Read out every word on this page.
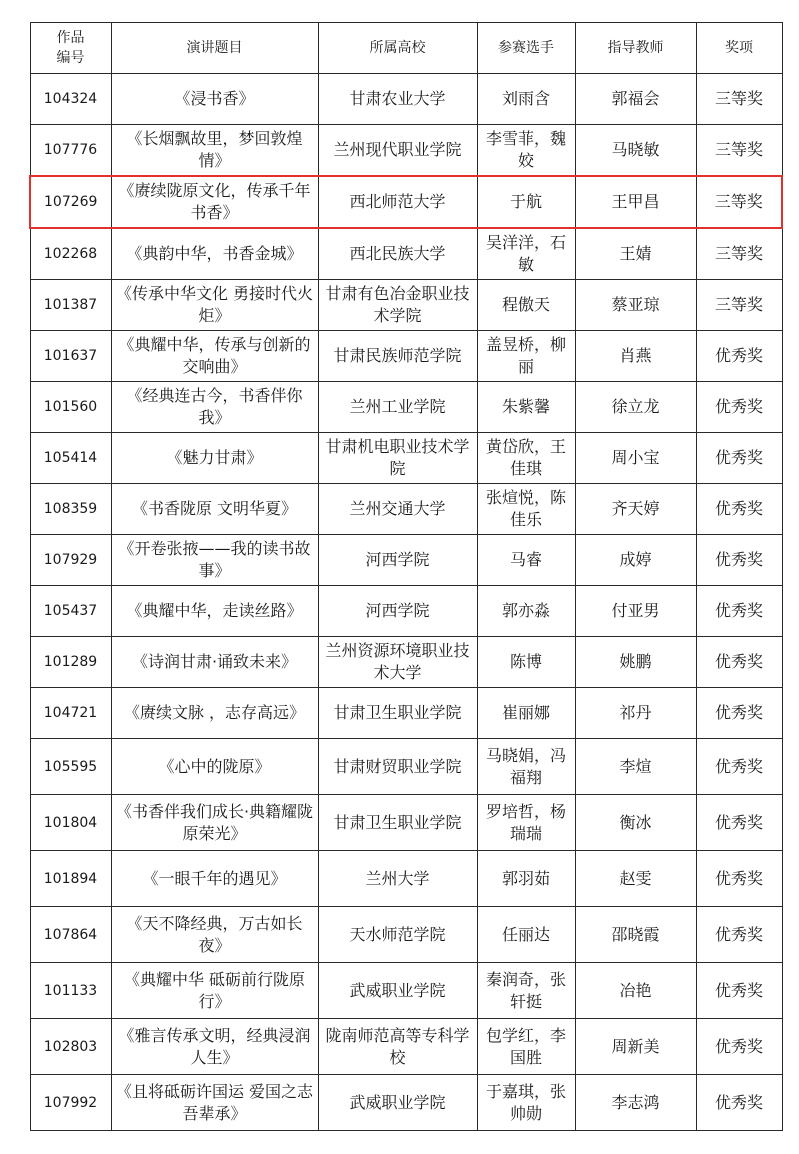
作品
编号	演讲题目	所属高校	参赛选手	指导教师	奖项
104324	《浸书香》	甘肃农业大学	刘雨含	郭福会	三等奖
107776	《长烟飘故里，梦回敦煌情》	兰州现代职业学院	李雪菲，魏姣	马晓敏	三等奖
107269	《赓续陇原文化，传承千年书香》	西北师范大学	于航	王甲昌	三等奖
102268	《典韵中华，书香金城》	西北民族大学	吴洋洋，石敏	王婧	三等奖
101387	《传承中华文化 勇接时代火炬》	甘肃有色冶金职业技术学院	程傲天	蔡亚琼	三等奖
101637	《典耀中华，传承与创新的交响曲》	甘肃民族师范学院	盖昱桥，柳丽	肖燕	优秀奖
101560	《经典连古今，书香伴你我》	兰州工业学院	朱紫馨	徐立龙	优秀奖
105414	《魅力甘肃》	甘肃机电职业技术学院	黄岱欣，王佳琪	周小宝	优秀奖
108359	《书香陇原 文明华夏》	兰州交通大学	张煊悦，陈佳乐	齐天婷	优秀奖
107929	《开卷张掖——我的读书故事》	河西学院	马睿	成婷	优秀奖
105437	《典耀中华，走读丝路》	河西学院	郭亦淼	付亚男	优秀奖
101289	《诗润甘肃·诵致未来》	兰州资源环境职业技术大学	陈博	姚鹏	优秀奖
104721	《赓续文脉 ，志存高远》	甘肃卫生职业学院	崔丽娜	祁丹	优秀奖
105595	《心中的陇原》	甘肃财贸职业学院	马晓娟，冯福翔	李煊	优秀奖
101804	《书香伴我们成长·典籍耀陇原荣光》	甘肃卫生职业学院	罗培哲，杨瑞瑞	衡冰	优秀奖
101894	《一眼千年的遇见》	兰州大学	郭羽茹	赵雯	优秀奖
107864	《天不降经典，万古如长夜》	天水师范学院	任丽达	邵晓霞	优秀奖
101133	《典耀中华 砥砺前行陇原行》	武威职业学院	秦润奇，张轩挺	冶艳	优秀奖
102803	《雅言传承文明，经典浸润人生》	陇南师范高等专科学校	包学红，李国胜	周新美	优秀奖
107992	《且将砥砺许国运 爱国之志吾辈承》	武威职业学院	于嘉琪，张帅勋	李志鸿	优秀奖
